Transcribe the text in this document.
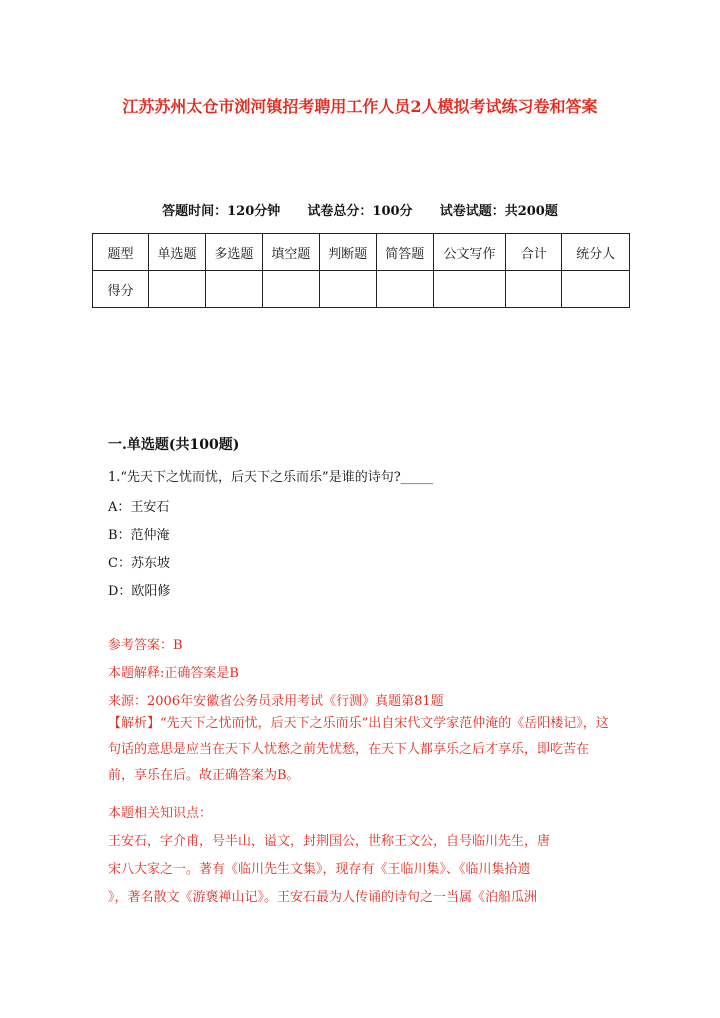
江苏苏州太仓市浏河镇招考聘用工作人员2人模拟考试练习卷和答案
答题时间：120分钟 试卷总分：100分 试卷试题：共200题
题型	单选题	多选题	填空题	判断题	简答题	公文写作	合计	统分人
得分								
一.单选题(共100题)
1.“先天下之忧而忧，后天下之乐而乐”是谁的诗句?_____
A：王安石
B：范仲淹
C：苏东坡
D：欧阳修
参考答案：B
本题解释:正确答案是B
来源：2006年安徽省公务员录用考试《行测》真题第81题
【解析】“先天下之忧而忧，后天下之乐而乐”出自宋代文学家范仲淹的《岳阳楼记》，这句话的意思是应当在天下人忧愁之前先忧愁，在天下人都享乐之后才享乐，即吃苦在前，享乐在后。故正确答案为B。
本题相关知识点：
王安石，字介甫，号半山，谥文，封荆国公，世称王文公，自号临川先生，唐
宋八大家之一。著有《临川先生文集》，现存有《王临川集》、《临川集拾遗
》，著名散文《游褒禅山记》。王安石最为人传诵的诗句之一当属《泊船瓜洲
